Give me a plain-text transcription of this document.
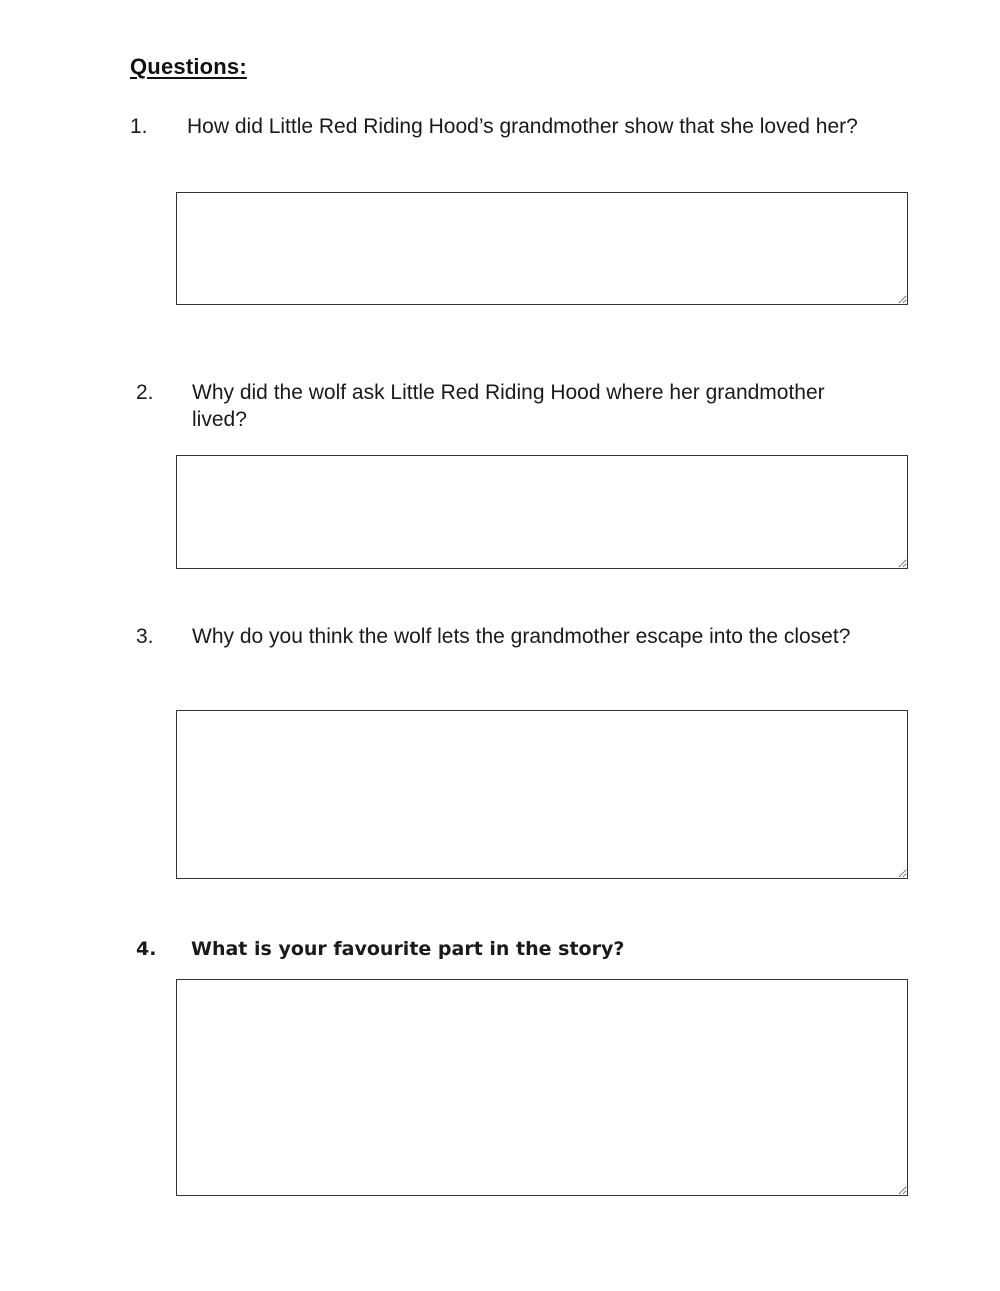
Questions:
1. How did Little Red Riding Hood’s grandmother show that she loved her?
2. Why did the wolf ask Little Red Riding Hood where her grandmother lived?
3. Why do you think the wolf lets the grandmother escape into the closet?
4. What is your favourite part in the story?
